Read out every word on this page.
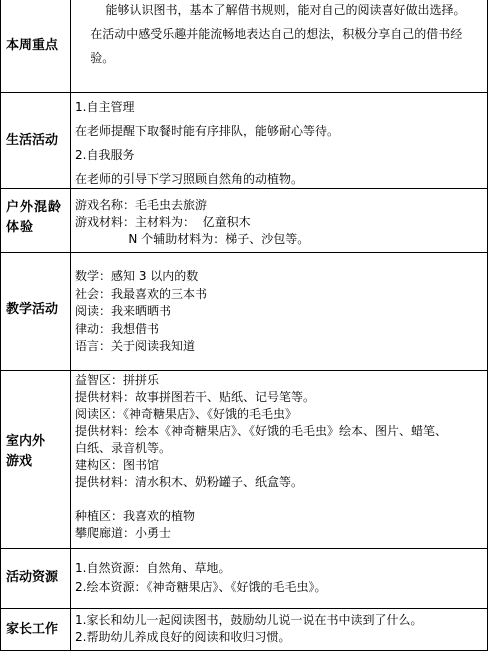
本周重点
能够认识图书，基本了解借书规则，能对自己的阅读喜好做出选择。
在活动中感受乐趣并能流畅地表达自己的想法，积极分享自己的借书经
验。
生活活动
1.自主管理
在老师提醒下取餐时能有序排队，能够耐心等待。
2.自我服务
在老师的引导下学习照顾自然角的动植物。
户外混龄
体验
游戏名称：毛毛虫去旅游
游戏材料：主材料为：  亿童积木
N 个辅助材料为：梯子、沙包等。
教学活动
数学：感知 3 以内的数
社会：我最喜欢的三本书
阅读：我来晒晒书
律动：我想借书
语言：关于阅读我知道
室内外
游戏
益智区：拼拼乐
提供材料：故事拼图若干、贴纸、记号笔等。
阅读区：《神奇糖果店》、《好饿的毛毛虫》
提供材料：绘本《神奇糖果店》、《好饿的毛毛虫》绘本、图片、蜡笔、
白纸、录音机等。
建构区：图书馆
提供材料：清水积木、奶粉罐子、纸盒等。
种植区：我喜欢的植物
攀爬廊道：小勇士
活动资源
1.自然资源：自然角、草地。
2.绘本资源：《神奇糖果店》、《好饿的毛毛虫》。
家长工作
1.家长和幼儿一起阅读图书，鼓励幼儿说一说在书中读到了什么。
2.帮助幼儿养成良好的阅读和收归习惯。
